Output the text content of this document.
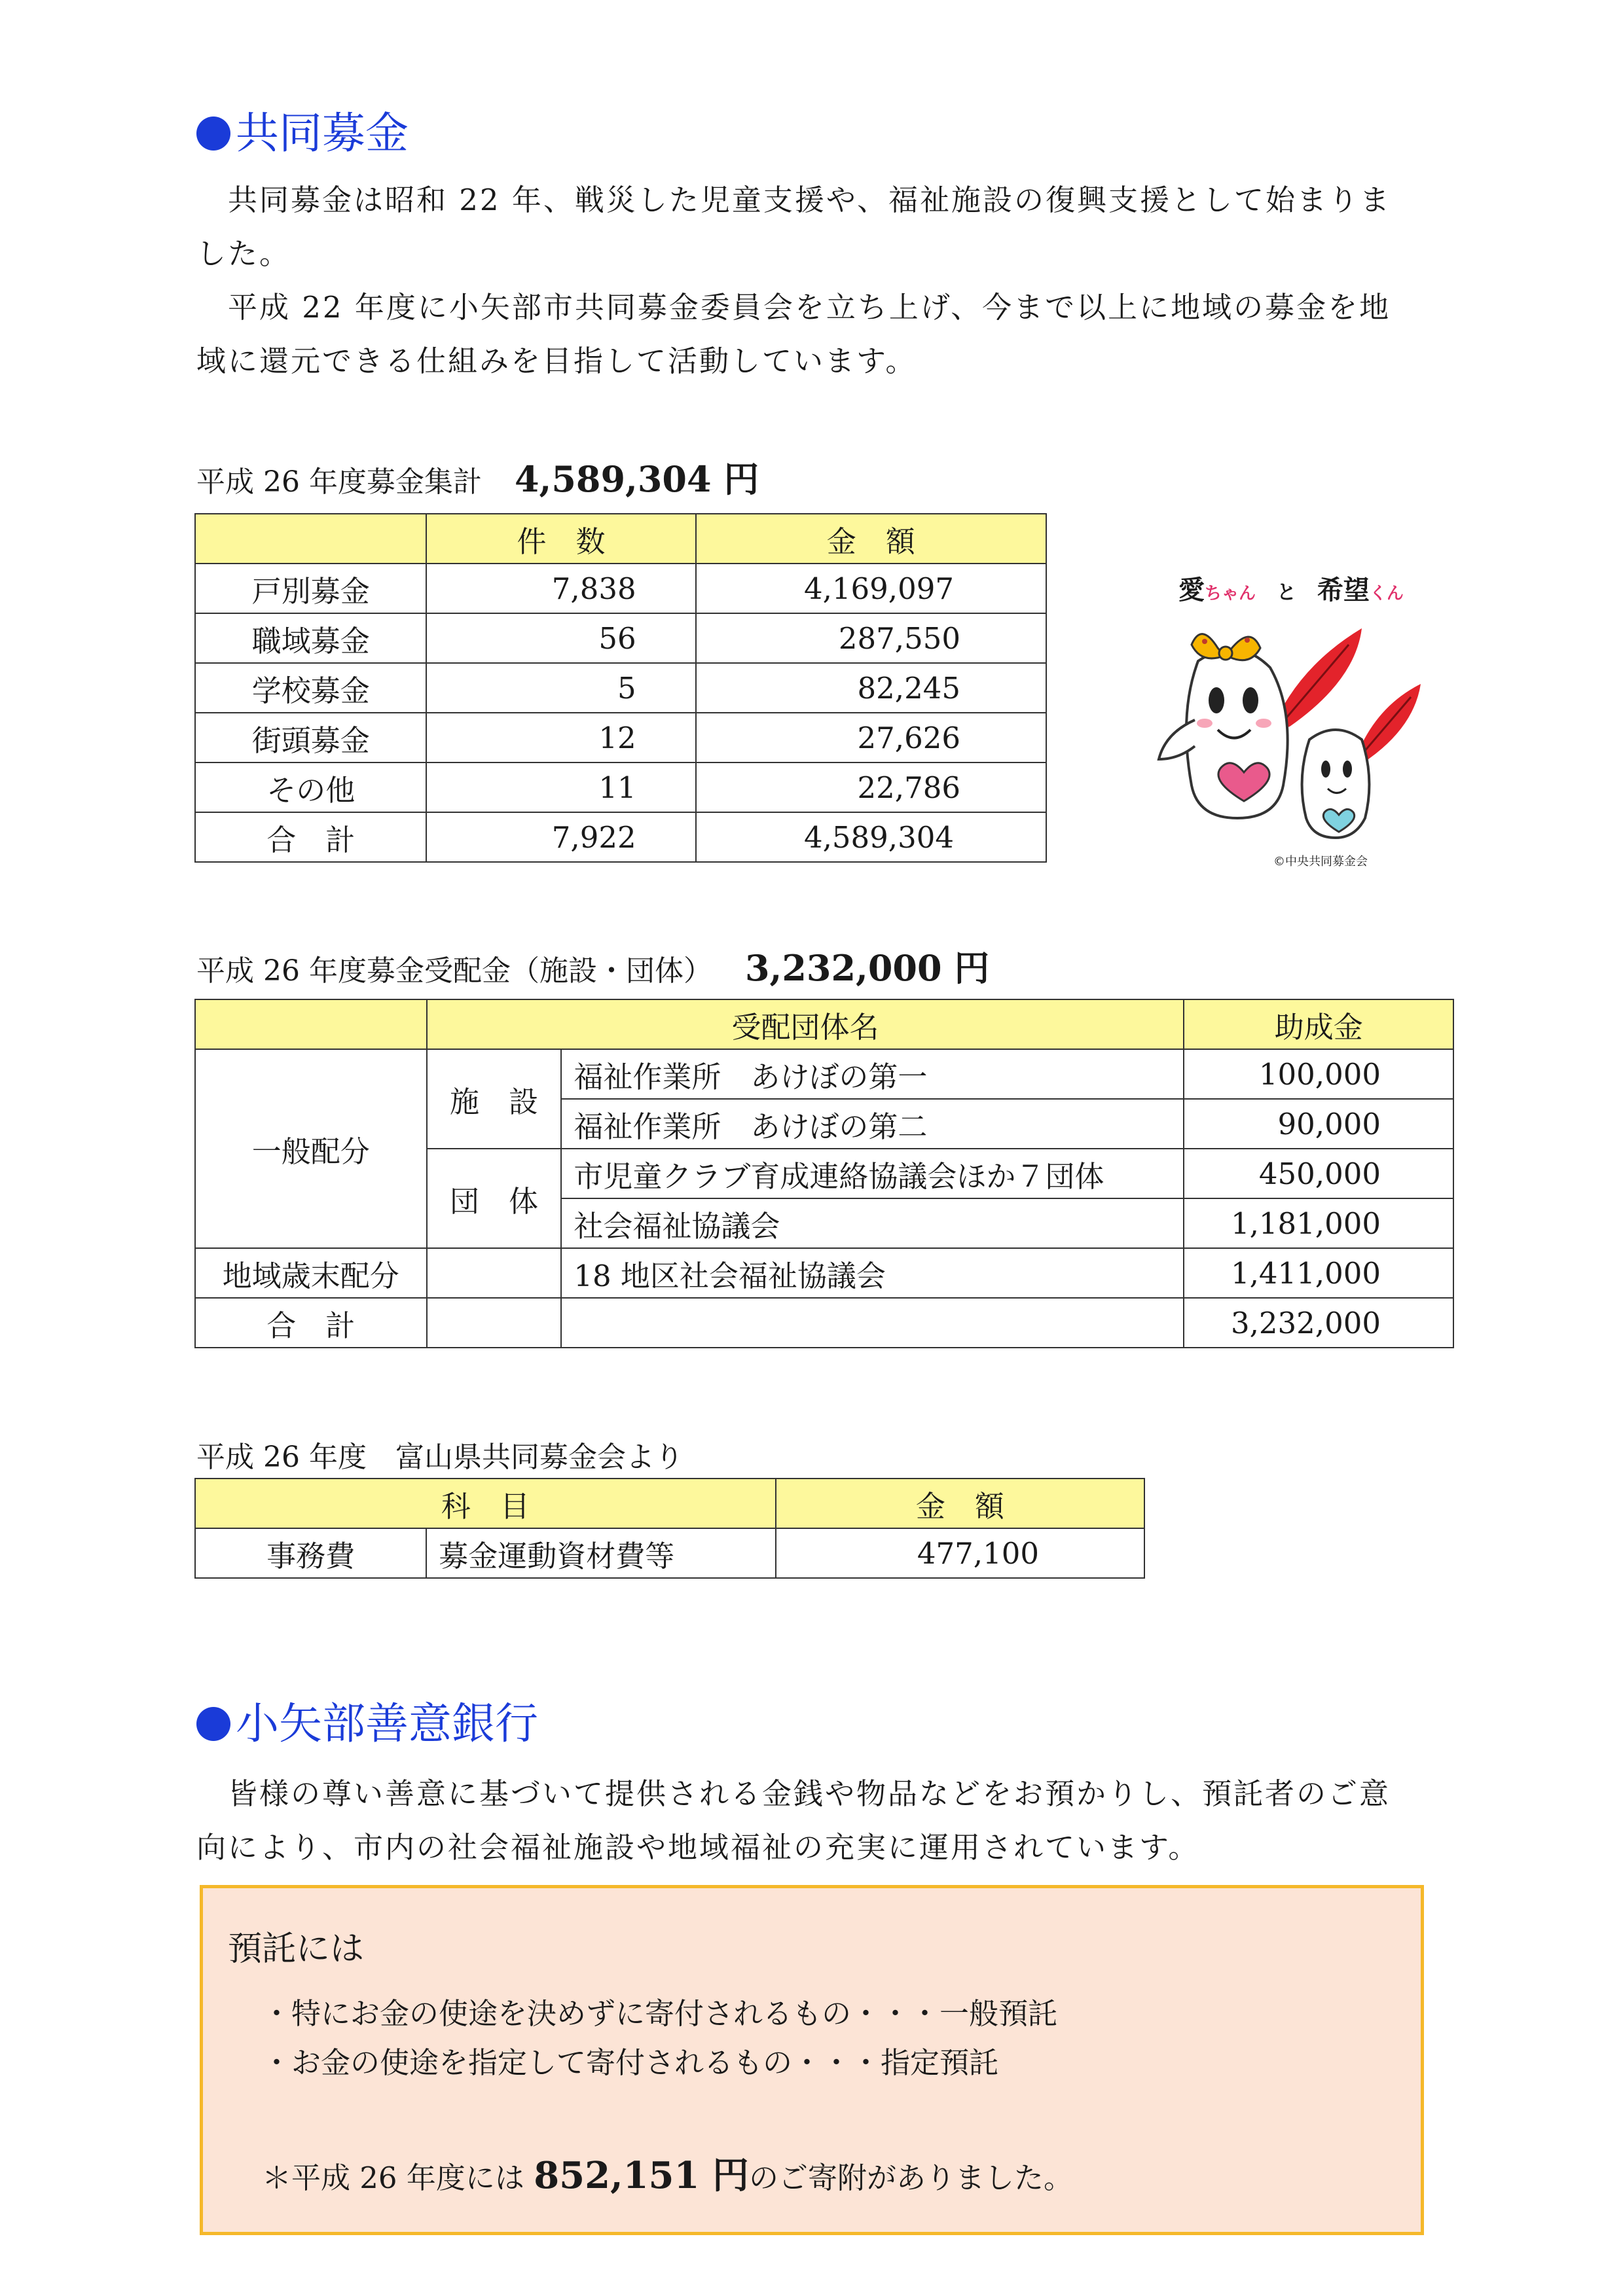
共同募金
共同募金は昭和 22 年、戦災した児童支援や、福祉施設の復興支援として始まりま
した。
平成 22 年度に小矢部市共同募金委員会を立ち上げ、今まで以上に地域の募金を地
域に還元できる仕組みを目指して活動しています。
平成 26 年度募金集計 4,589,304 円
	件　数	金　額
戸別募金	7,838	4,169,097
職域募金	56	287,550
学校募金	5	82,245
街頭募金	12	27,626
その他	11	22,786
合　計	7,922	4,589,304
愛ちゃん と 希望くん
©中央共同募金会
平成 26 年度募金受配金（施設・団体） 3,232,000 円
	受配団体名		助成金
一般配分	施　設	福祉作業所　あけぼの第一	100,000
		福祉作業所　あけぼの第二	90,000
	団　体	市児童クラブ育成連絡協議会ほか７団体	450,000
		社会福祉協議会	1,181,000
地域歳末配分		18 地区社会福祉協議会	1,411,000
合　計			3,232,000
平成 26 年度　富山県共同募金会より
科　目		金　額
事務費	募金運動資材費等	477,100
小矢部善意銀行
皆様の尊い善意に基づいて提供される金銭や物品などをお預かりし、預託者のご意
向により、市内の社会福祉施設や地域福祉の充実に運用されています。
預託には
・特にお金の使途を決めずに寄付されるもの・・・一般預託
・お金の使途を指定して寄付されるもの・・・指定預託
＊平成 26 年度には 852,151 円のご寄附がありました。
